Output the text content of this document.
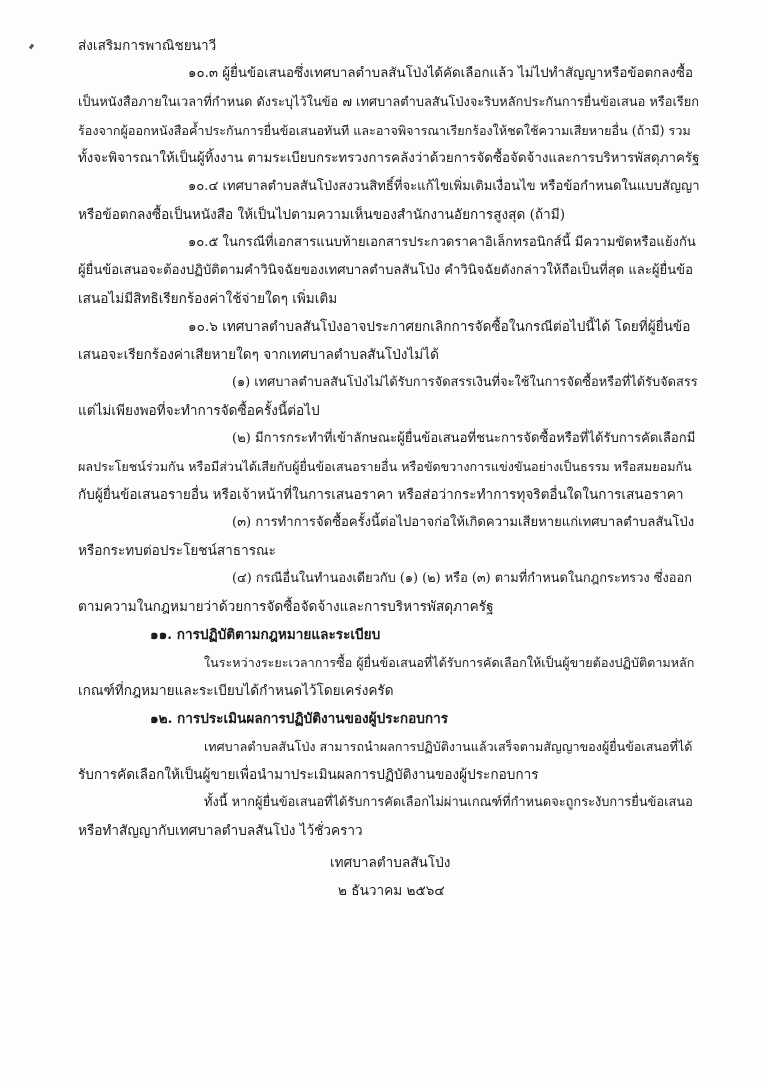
ส่งเสริมการพาณิชยนาวี
๑๐.๓ ผู้ยื่นข้อเสนอซึ่งเทศบาลตำบลสันโป่งได้คัดเลือกแล้ว ไม่ไปทำสัญญาหรือข้อตกลงซื้อ
เป็นหนังสือภายในเวลาที่กำหนด ดังระบุไว้ในข้อ ๗ เทศบาลตำบลสันโป่งจะริบหลักประกันการยื่นข้อเสนอ หรือเรียก
ร้องจากผู้ออกหนังสือค้ำประกันการยื่นข้อเสนอทันที และอาจพิจารณาเรียกร้องให้ชดใช้ความเสียหายอื่น (ถ้ามี) รวม
ทั้งจะพิจารณาให้เป็นผู้ทิ้งงาน ตามระเบียบกระทรวงการคลังว่าด้วยการจัดซื้อจัดจ้างและการบริหารพัสดุภาครัฐ
๑๐.๔ เทศบาลตำบลสันโป่งสงวนสิทธิ์ที่จะแก้ไขเพิ่มเติมเงื่อนไข หรือข้อกำหนดในแบบสัญญา
หรือข้อตกลงซื้อเป็นหนังสือ ให้เป็นไปตามความเห็นของสำนักงานอัยการสูงสุด (ถ้ามี)
๑๐.๕ ในกรณีที่เอกสารแนบท้ายเอกสารประกวดราคาอิเล็กทรอนิกส์นี้ มีความขัดหรือแย้งกัน
ผู้ยื่นข้อเสนอจะต้องปฏิบัติตามคำวินิจฉัยของเทศบาลตำบลสันโป่ง คำวินิจฉัยดังกล่าวให้ถือเป็นที่สุด และผู้ยื่นข้อ
เสนอไม่มีสิทธิเรียกร้องค่าใช้จ่ายใดๆ เพิ่มเติม
๑๐.๖ เทศบาลตำบลสันโป่งอาจประกาศยกเลิกการจัดซื้อในกรณีต่อไปนี้ได้ โดยที่ผู้ยื่นข้อ
เสนอจะเรียกร้องค่าเสียหายใดๆ จากเทศบาลตำบลสันโป่งไม่ได้
(๑) เทศบาลตำบลสันโป่งไม่ได้รับการจัดสรรเงินที่จะใช้ในการจัดซื้อหรือที่ได้รับจัดสรร
แต่ไม่เพียงพอที่จะทำการจัดซื้อครั้งนี้ต่อไป
(๒) มีการกระทำที่เข้าลักษณะผู้ยื่นข้อเสนอที่ชนะการจัดซื้อหรือที่ได้รับการคัดเลือกมี
ผลประโยชน์ร่วมกัน หรือมีส่วนได้เสียกับผู้ยื่นข้อเสนอรายอื่น หรือขัดขวางการแข่งขันอย่างเป็นธรรม หรือสมยอมกัน
กับผู้ยื่นข้อเสนอรายอื่น หรือเจ้าหน้าที่ในการเสนอราคา หรือส่อว่ากระทำการทุจริตอื่นใดในการเสนอราคา
(๓) การทำการจัดซื้อครั้งนี้ต่อไปอาจก่อให้เกิดความเสียหายแก่เทศบาลตำบลสันโป่ง
หรือกระทบต่อประโยชน์สาธารณะ
(๔) กรณีอื่นในทำนองเดียวกับ (๑) (๒) หรือ (๓) ตามที่กำหนดในกฎกระทรวง ซึ่งออก
ตามความในกฎหมายว่าด้วยการจัดซื้อจัดจ้างและการบริหารพัสดุภาครัฐ
๑๑. การปฏิบัติตามกฎหมายและระเบียบ
ในระหว่างระยะเวลาการซื้อ ผู้ยื่นข้อเสนอที่ได้รับการคัดเลือกให้เป็นผู้ขายต้องปฏิบัติตามหลัก
เกณฑ์ที่กฎหมายและระเบียบได้กำหนดไว้โดยเคร่งครัด
๑๒. การประเมินผลการปฏิบัติงานของผู้ประกอบการ
เทศบาลตำบลสันโป่ง สามารถนำผลการปฏิบัติงานแล้วเสร็จตามสัญญาของผู้ยื่นข้อเสนอที่ได้
รับการคัดเลือกให้เป็นผู้ขายเพื่อนำมาประเมินผลการปฏิบัติงานของผู้ประกอบการ
ทั้งนี้ หากผู้ยื่นข้อเสนอที่ได้รับการคัดเลือกไม่ผ่านเกณฑ์ที่กำหนดจะถูกระงับการยื่นข้อเสนอ
หรือทำสัญญากับเทศบาลตำบลสันโป่ง ไว้ชั่วคราว
เทศบาลตำบลสันโป่ง
๒ ธันวาคม ๒๕๖๔
